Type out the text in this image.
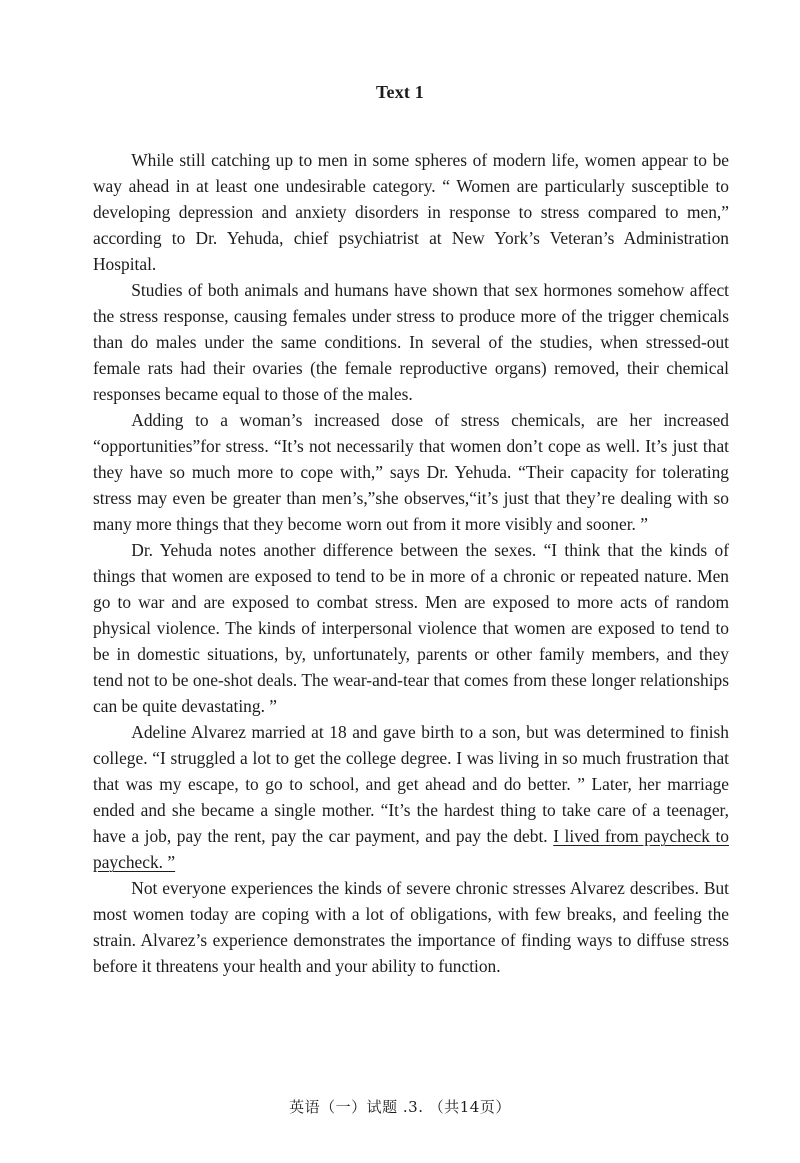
Text 1

While still catching up to men in some spheres of modern life, women appear to be way ahead in at least one undesirable category. “ Women are particularly susceptible to developing depression and anxiety disorders in response to stress compared to men,” according to Dr. Yehuda, chief psychiatrist at New York’s Veteran’s Administration Hospital.

Studies of both animals and humans have shown that sex hormones somehow affect the stress response, causing females under stress to produce more of the trigger chemicals than do males under the same conditions. In several of the studies, when stressed-out female rats had their ovaries (the female reproductive organs) removed, their chemical responses became equal to those of the males.

Adding to a woman’s increased dose of stress chemicals, are her increased “opportunities”for stress. “It’s not necessarily that women don’t cope as well. It’s just that they have so much more to cope with,” says Dr. Yehuda. “Their capacity for tolerating stress may even be greater than men’s,”she observes,“it’s just that they’re dealing with so many more things that they become worn out from it more visibly and sooner. ”

Dr. Yehuda notes another difference between the sexes. “I think that the kinds of things that women are exposed to tend to be in more of a chronic or repeated nature. Men go to war and are exposed to combat stress. Men are exposed to more acts of random physical violence. The kinds of interpersonal violence that women are exposed to tend to be in domestic situations, by, unfortunately, parents or other family members, and they tend not to be one-shot deals. The wear-and-tear that comes from these longer relationships can be quite devastating. ”

Adeline Alvarez married at 18 and gave birth to a son, but was determined to finish college. “I struggled a lot to get the college degree. I was living in so much frustration that that was my escape, to go to school, and get ahead and do better. ” Later, her marriage ended and she became a single mother. “It’s the hardest thing to take care of a teenager, have a job, pay the rent, pay the car payment, and pay the debt. I lived from paycheck to paycheck. ”

Not everyone experiences the kinds of severe chronic stresses Alvarez describes. But most women today are coping with a lot of obligations, with few breaks, and feeling the strain. Alvarez’s experience demonstrates the importance of finding ways to diffuse stress before it threatens your health and your ability to function.

英语（一）试题 .3. （共14页）
